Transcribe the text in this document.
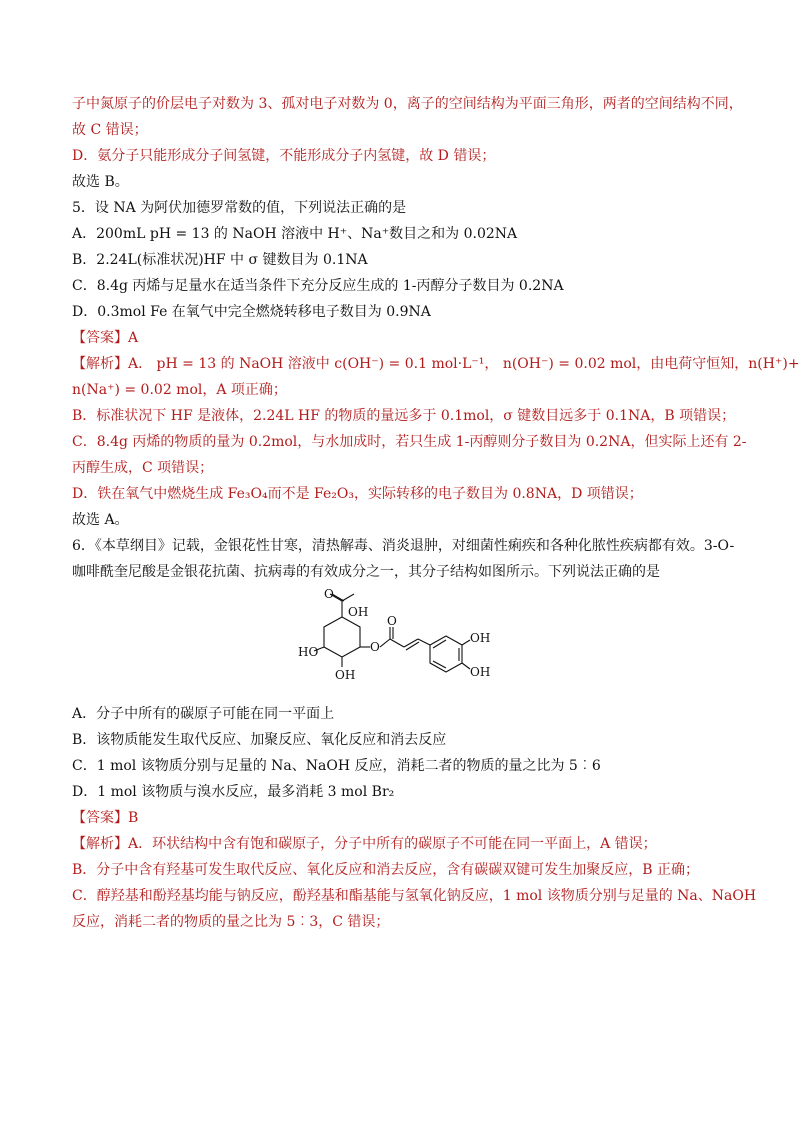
子中氮原子的价层电子对数为 3、孤对电子对数为 0，离子的空间结构为平面三角形，两者的空间结构不同，
故 C 错误；
D．氨分子只能形成分子间氢键，不能形成分子内氢键，故 D 错误；
故选 B。
5．设 NA 为阿伏加德罗常数的值，下列说法正确的是
A．200mL pH = 13 的 NaOH 溶液中 H⁺、Na⁺数目之和为 0.02NA
B．2.24L(标准状况)HF 中 σ 键数目为 0.1NA
C．8.4g 丙烯与足量水在适当条件下充分反应生成的 1-丙醇分子数目为 0.2NA
D．0.3mol Fe 在氧气中完全燃烧转移电子数目为 0.9NA
【答案】A
【解析】A． pH = 13 的 NaOH 溶液中 c(OH⁻) = 0.1 mol·L⁻¹， n(OH⁻) = 0.02 mol，由电荷守恒知，n(H⁺)+
n(Na⁺) = 0.02 mol，A 项正确；
B．标准状况下 HF 是液体，2.24L HF 的物质的量远多于 0.1mol，σ 键数目远多于 0.1NA，B 项错误；
C．8.4g 丙烯的物质的量为 0.2mol，与水加成时，若只生成 1-丙醇则分子数目为 0.2NA，但实际上还有 2-
丙醇生成，C 项错误；
D．铁在氧气中燃烧生成 Fe₃O₄而不是 Fe₂O₃，实际转移的电子数目为 0.8NA，D 项错误；
故选 A。
6．《本草纲目》记载，金银花性甘寒，清热解毒、消炎退肿，对细菌性痢疾和各种化脓性疾病都有效。3-O-
咖啡酰奎尼酸是金银花抗菌、抗病毒的有效成分之一，其分子结构如图所示。下列说法正确的是
O
OH
HO
OH
O
O
OH
OH
A．分子中所有的碳原子可能在同一平面上
B．该物质能发生取代反应、加聚反应、氧化反应和消去反应
C．1 mol 该物质分别与足量的 Na、NaOH 反应，消耗二者的物质的量之比为 5︰6
D．1 mol 该物质与溴水反应，最多消耗 3 mol Br₂
【答案】B
【解析】A．环状结构中含有饱和碳原子，分子中所有的碳原子不可能在同一平面上，A 错误；
B．分子中含有羟基可发生取代反应、氧化反应和消去反应，含有碳碳双键可发生加聚反应，B 正确；
C．醇羟基和酚羟基均能与钠反应，酚羟基和酯基能与氢氧化钠反应，1 mol 该物质分别与足量的 Na、NaOH
反应，消耗二者的物质的量之比为 5︰3，C 错误；
